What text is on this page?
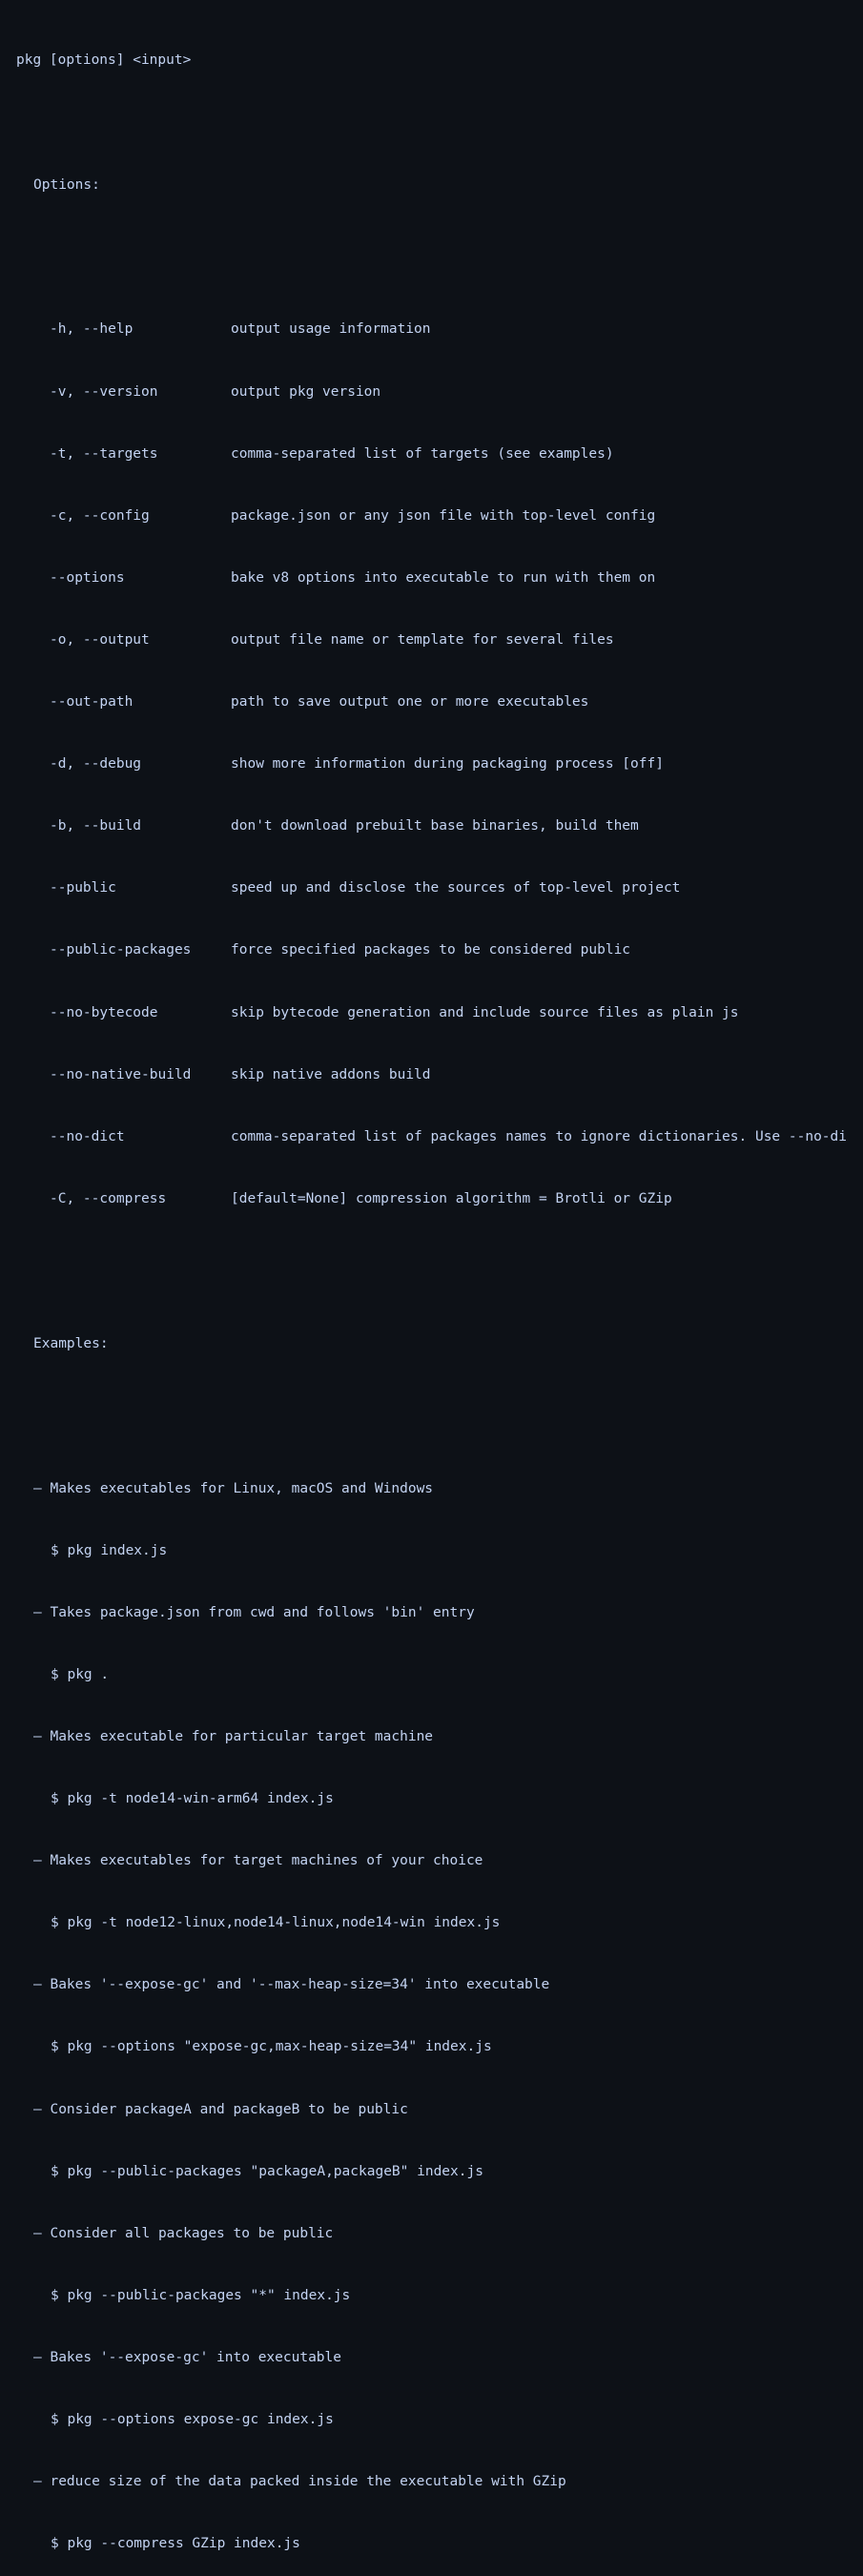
pkg [options] <input>

Options:

-h, --help	output usage information

-v, --version	output pkg version

-t, --targets	comma-separated list of targets (see examples)

-c, --config	package.json or any json file with top-level config

--options	bake v8 options into executable to run with them on

-o, --output	output file name or template for several files

--out-path	path to save output one or more executables

-d, --debug	show more information during packaging process [off]

-b, --build	don't download prebuilt base binaries, build them

--public	speed up and disclose the sources of top-level project

--public-packages	force specified packages to be considered public

--no-bytecode	skip bytecode generation and include source files as plain js

--no-native-build	skip native addons build

--no-dict	comma-separated list of packages names to ignore dictionaries. Use --no-di

-C, --compress	[default=None] compression algorithm = Brotli or GZip

Examples:

– Makes executables for Linux, macOS and Windows

$ pkg index.js

– Takes package.json from cwd and follows 'bin' entry

$ pkg .

– Makes executable for particular target machine

$ pkg -t node14-win-arm64 index.js

– Makes executables for target machines of your choice

$ pkg -t node12-linux,node14-linux,node14-win index.js

– Bakes '--expose-gc' and '--max-heap-size=34' into executable

$ pkg --options "expose-gc,max-heap-size=34" index.js

– Consider packageA and packageB to be public

$ pkg --public-packages "packageA,packageB" index.js

– Consider all packages to be public

$ pkg --public-packages "*" index.js

– Bakes '--expose-gc' into executable

$ pkg --options expose-gc index.js

– reduce size of the data packed inside the executable with GZip

$ pkg --compress GZip index.js
